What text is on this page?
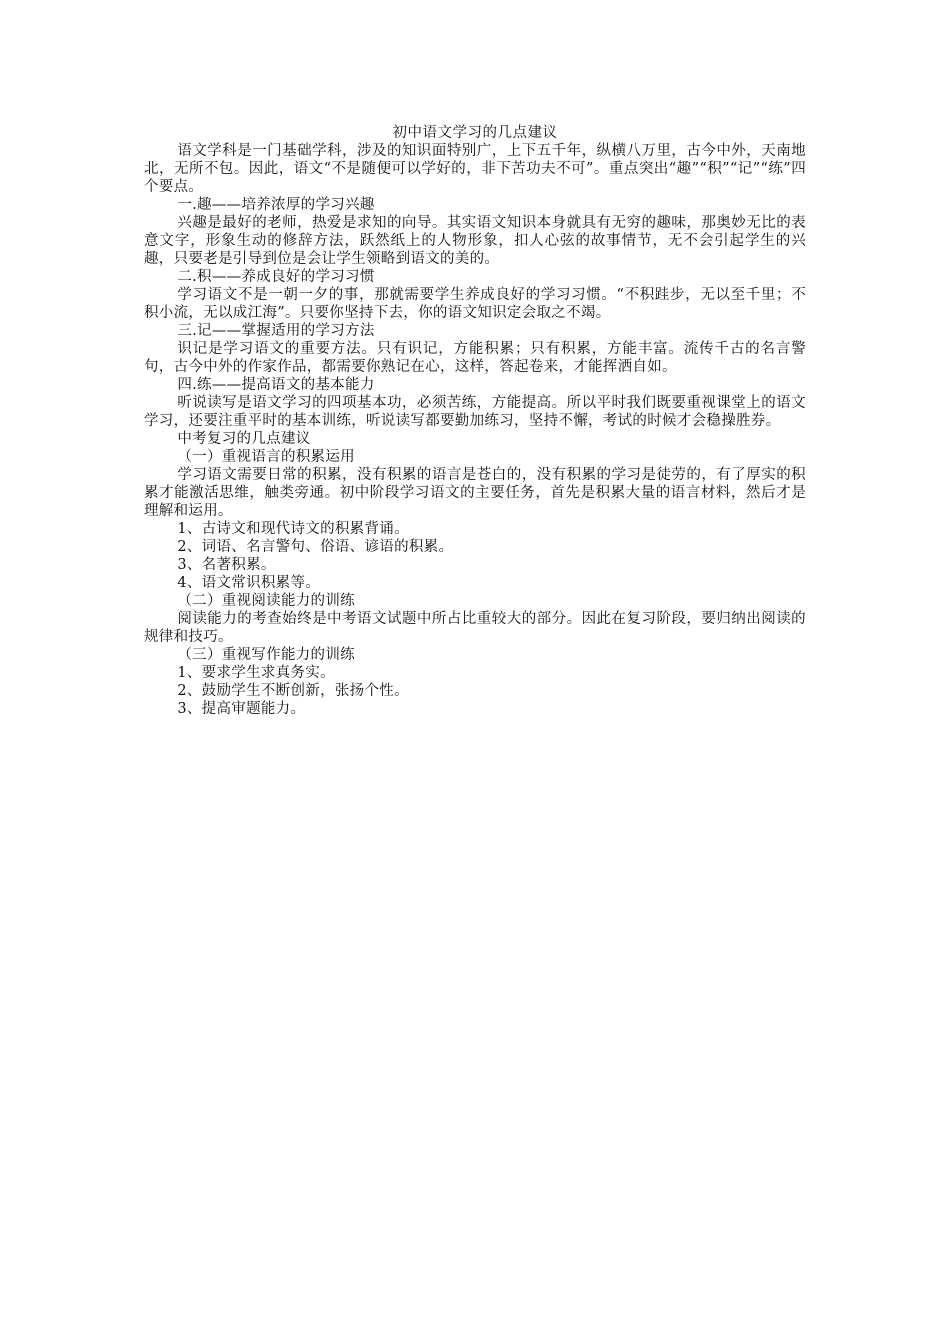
初中语文学习的几点建议

语文学科是一门基础学科，涉及的知识面特别广，上下五千年，纵横八万里，古今中外，天南地北，无所不包。因此，语文“不是随便可以学好的，非下苦功夫不可”。重点突出“趣”“积”“记”“练”四个要点。

一.趣——培养浓厚的学习兴趣

兴趣是最好的老师，热爱是求知的向导。其实语文知识本身就具有无穷的趣味，那奥妙无比的表意文字，形象生动的修辞方法，跃然纸上的人物形象，扣人心弦的故事情节，无不会引起学生的兴趣，只要老是引导到位是会让学生领略到语文的美的。

二.积——养成良好的学习习惯

学习语文不是一朝一夕的事，那就需要学生养成良好的学习习惯。“不积跬步，无以至千里；不积小流，无以成江海”。只要你坚持下去，你的语文知识定会取之不竭。

三.记——掌握适用的学习方法

识记是学习语文的重要方法。只有识记，方能积累；只有积累，方能丰富。流传千古的名言警句，古今中外的作家作品，都需要你熟记在心，这样，答起卷来，才能挥洒自如。

四.练——提高语文的基本能力

听说读写是语文学习的四项基本功，必须苦练，方能提高。所以平时我们既要重视课堂上的语文学习，还要注重平时的基本训练，听说读写都要勤加练习，坚持不懈，考试的时候才会稳操胜券。

中考复习的几点建议

（一）重视语言的积累运用

学习语文需要日常的积累，没有积累的语言是苍白的，没有积累的学习是徒劳的，有了厚实的积累才能激活思维，触类旁通。初中阶段学习语文的主要任务，首先是积累大量的语言材料，然后才是理解和运用。

1、古诗文和现代诗文的积累背诵。

2、词语、名言警句、俗语、谚语的积累。

3、名著积累。

4、语文常识积累等。

（二）重视阅读能力的训练

阅读能力的考查始终是中考语文试题中所占比重较大的部分。因此在复习阶段，要归纳出阅读的规律和技巧。

（三）重视写作能力的训练

1、要求学生求真务实。

2、鼓励学生不断创新，张扬个性。

3、提高审题能力。
